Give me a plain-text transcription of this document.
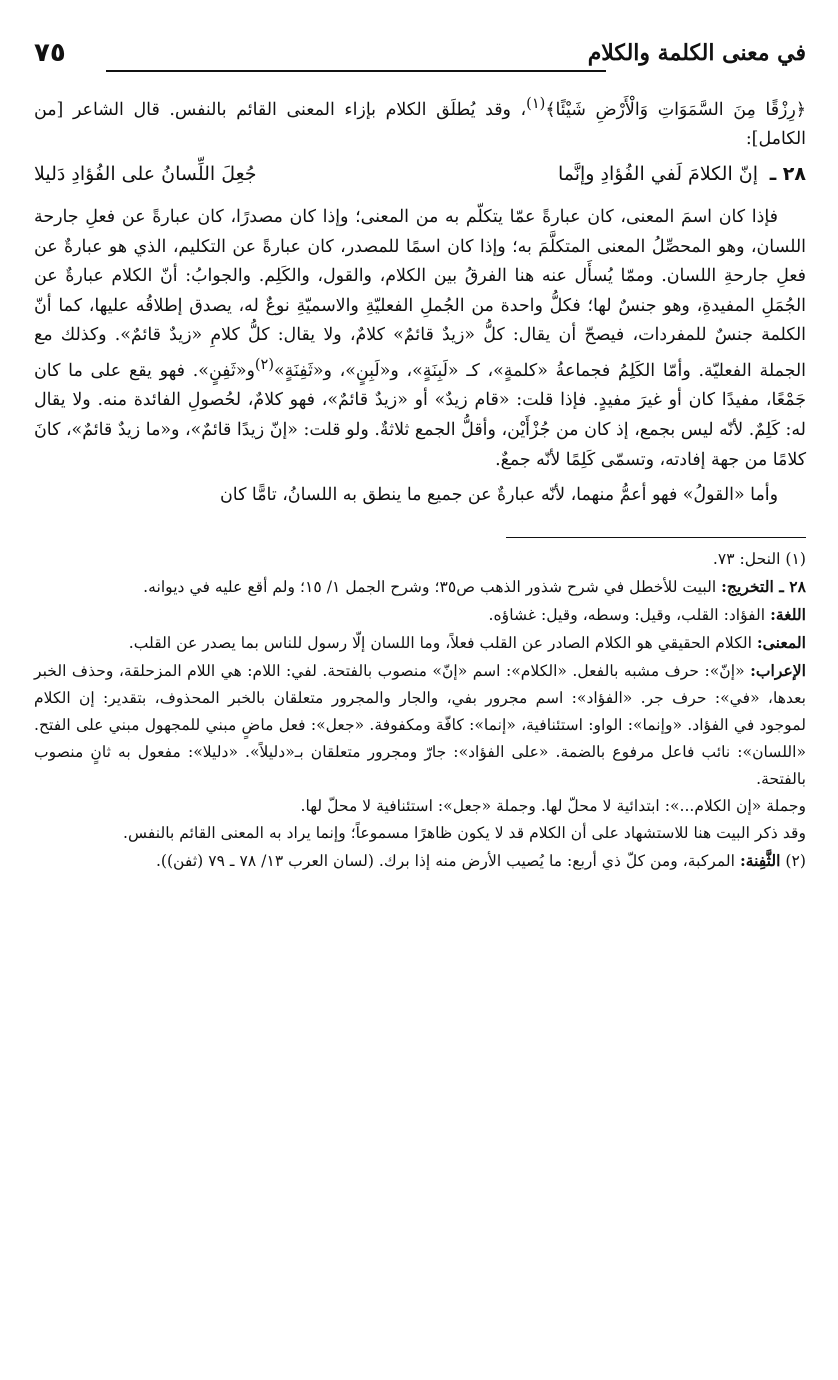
في معنى الكلمة والكلام
٧٥

﴿رِزْقًا مِنَ السَّمَوَاتِ وَالْأَرْضِ شَيْئًا﴾$^{(١)}$، وقد يُطلَق الكلام بإزاء المعنى القائم بالنفس. قال الشاعر [من الكامل]:

٢٨ ـ
إنّ الكلامَ لَفي الفُؤادِ وإنَّما
جُعِلَ اللِّسانُ على الفُؤادِ دَليلا

فإذا كان اسمَ المعنى، كان عبارةً عمّا يتكلّم به من المعنى؛ وإذا كان مصدرًا، كان عبارةً عن فعلِ جارحة اللسان، وهو المحصِّلُ المعنى المتكلَّمَ به؛ وإذا كان اسمًا للمصدر، كان عبارةً عن التكليم، الذي هو عبارةٌ عن فعلِ جارحةِ اللسان. وممّا يُسأَل عنه هنا الفرقُ بين الكلام، والقول، والكَلِم. والجوابُ: أنّ الكلام عبارةٌ عن الجُمَلِ المفيدةِ، وهو جنسٌ لها؛ فكلُّ واحدة من الجُملِ الفعليّةِ والاسميّةِ نوعٌ له، يصدق إطلاقُه عليها، كما أنّ الكلمة جنسٌ للمفردات، فيصحّ أن يقال: كلُّ «زيدٌ قائمٌ» كلامٌ، ولا يقال: كلُّ كلامِ «زيدٌ قائمٌ». وكذلك مع الجملة الفعليّة. وأمّا الكَلِمُ فجماعةُ «كلمةٍ»، كـ «لَبِنَةٍ»، و«لَبِنٍ»، و«ثَفِنَةٍ»$^{(٢)}$و«ثَفِنٍ». فهو يقع على ما كان جَمْعًا، مفيدًا كان أو غيرَ مفيدٍ. فإذا قلت: «قام زيدٌ» أو «زيدٌ قائمٌ»، فهو كلامٌ، لحُصولِ الفائدة منه. ولا يقال له: كَلِمٌ. لأنّه ليس بجمع، إذ كان من جُزْأَيْن، وأقلُّ الجمع ثلاثةٌ. ولو قلت: «إنّ زيدًا قائمٌ»، و«ما زيدٌ قائمٌ»، كانَ كلامًا من جهة إفادته، وتسمّى كَلِمًا لأنّه جمعٌ.

وأما «القولُ» فهو أعمُّ منهما، لأنّه عبارةٌ عن جميع ما ينطق به اللسانُ، تامًّا كان

(١) النحل: ٧٣.

٢٨ ـ التخريج: البيت للأخطل في شرح شذور الذهب ص٣٥؛ وشرح الجمل ١/ ١٥؛ ولم أقع عليه في ديوانه.

اللغة: الفؤاد: القلب، وقيل: وسطه، وقيل: غشاؤه.

المعنى: الكلام الحقيقي هو الكلام الصادر عن القلب فعلاً، وما اللسان إلّا رسول للناس بما يصدر عن القلب.

الإعراب: «إنّ»: حرف مشبه بالفعل. «الكلام»: اسم «إنّ» منصوب بالفتحة. لفي: اللام: هي اللام المزحلقة، وحذف الخبر بعدها، «في»: حرف جر. «الفؤاد»: اسم مجرور بفي، والجار والمجرور متعلقان بالخبر المحذوف، بتقدير: إن الكلام لموجود في الفؤاد. «وإنما»: الواو: استئنافية، «إنما»: كافّة ومكفوفة. «جعل»: فعل ماضٍ مبني للمجهول مبني على الفتح. «اللسان»: نائب فاعل مرفوع بالضمة. «على الفؤاد»: جارّ ومجرور متعلقان بـ«دليلاً». «دليلا»: مفعول به ثانٍ منصوب بالفتحة.

وجملة «إن الكلام...»: ابتدائية لا محلّ لها. وجملة «جعل»: استئنافية لا محلّ لها.

وقد ذكر البيت هنا للاستشهاد على أن الكلام قد لا يكون ظاهرًا مسموعاً؛ وإنما يراد به المعنى القائم بالنفس.

(٢) الثَّفِنة: المركبة، ومن كلّ ذي أربع: ما يُصيب الأرض منه إذا برك. (لسان العرب ١٣/ ٧٨ ـ ٧٩ (ثفن)).
